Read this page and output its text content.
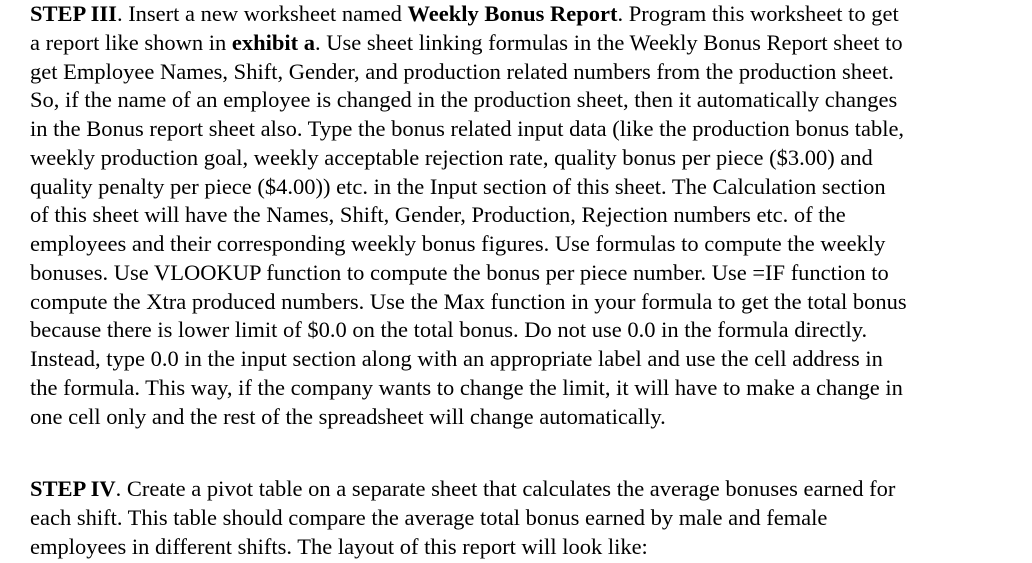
STEP III. Insert a new worksheet named Weekly Bonus Report. Program this worksheet to get
a report like shown in exhibit a. Use sheet linking formulas in the Weekly Bonus Report sheet to
get Employee Names, Shift, Gender, and production related numbers from the production sheet.
So, if the name of an employee is changed in the production sheet, then it automatically changes
in the Bonus report sheet also. Type the bonus related input data (like the production bonus table,
weekly production goal, weekly acceptable rejection rate, quality bonus per piece ($3.00) and
quality penalty per piece ($4.00)) etc. in the Input section of this sheet. The Calculation section
of this sheet will have the Names, Shift, Gender, Production, Rejection numbers etc. of the
employees and their corresponding weekly bonus figures. Use formulas to compute the weekly
bonuses. Use VLOOKUP function to compute the bonus per piece number. Use =IF function to
compute the Xtra produced numbers. Use the Max function in your formula to get the total bonus
because there is lower limit of $0.0 on the total bonus. Do not use 0.0 in the formula directly.
Instead, type 0.0 in the input section along with an appropriate label and use the cell address in
the formula. This way, if the company wants to change the limit, it will have to make a change in
one cell only and the rest of the spreadsheet will change automatically.

STEP IV. Create a pivot table on a separate sheet that calculates the average bonuses earned for
each shift. This table should compare the average total bonus earned by male and female
employees in different shifts. The layout of this report will look like:
